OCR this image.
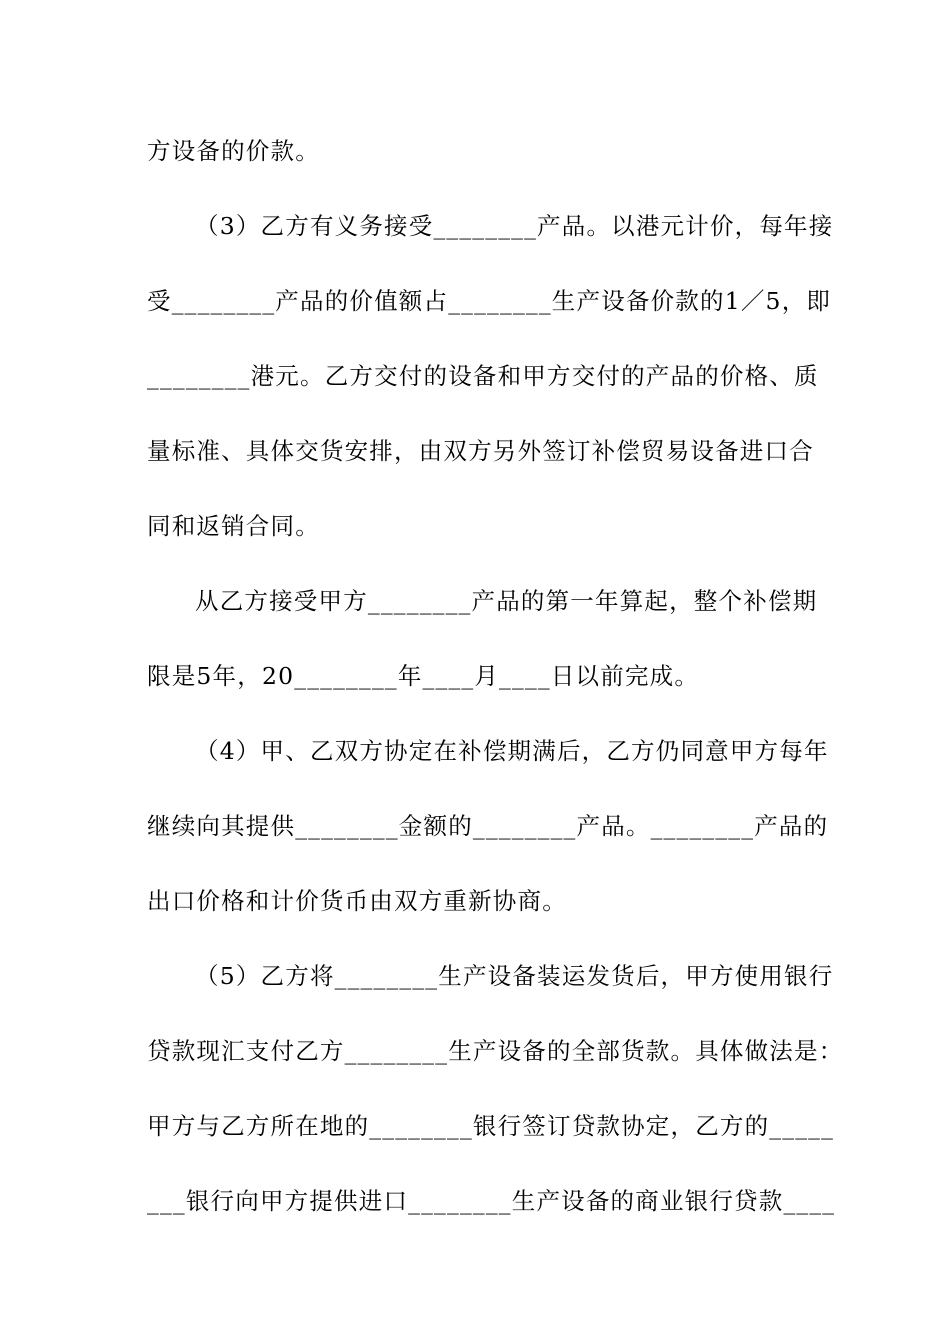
方设备的价款。
（3）乙方有义务接受________产品。以港元计价，每年接
受________产品的价值额占________生产设备价款的1／5，即
________港元。乙方交付的设备和甲方交付的产品的价格、质
量标准、具体交货安排，由双方另外签订补偿贸易设备进口合
同和返销合同。
从乙方接受甲方________产品的第一年算起，整个补偿期
限是5年，20________年____月____日以前完成。
（4）甲、乙双方协定在补偿期满后，乙方仍同意甲方每年
继续向其提供________金额的________产品。________产品的
出口价格和计价货币由双方重新协商。
（5）乙方将________生产设备装运发货后，甲方使用银行
贷款现汇支付乙方________生产设备的全部货款。具体做法是：
甲方与乙方所在地的________银行签订贷款协定，乙方的_____
___银行向甲方提供进口________生产设备的商业银行贷款____
